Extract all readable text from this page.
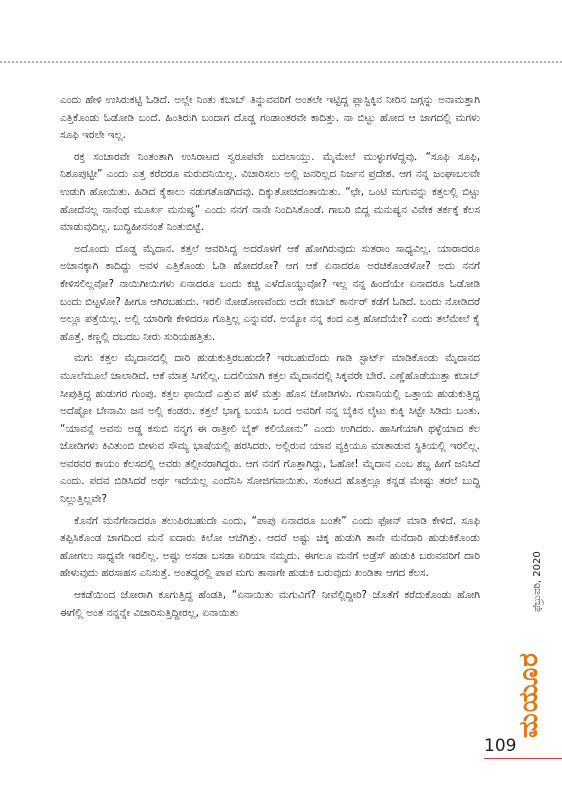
ಎಂದು ಹೇಳಿ ಉಸಿರುಕಟ್ಟಿ ಓಡಿದೆ. ಅಲ್ಲೇ ನಿಂತು ಕಬಾಬ್ ತಿನ್ನುವವರಿಗೆ ಅಂತಲೇ ಇಟ್ಟಿದ್ದ ಪ್ಲಾಸ್ಟಿಕ್ಕಿನ ನೀರಿನ ಜಗ್ಗನ್ನು ಅನಾಮತ್ತಾಗಿ ಎತ್ತಿಕೊಂಡು ಓಡೋಡಿ ಬಂದೆ. ಹಿಂತಿರುಗಿ ಬಂದಾಗ ದೊಡ್ಡ ಗಂಡಾಂತರವೇ ಕಾದಿತ್ತು. ನಾ ಬಿಟ್ಟು ಹೋದ ಆ ಜಾಗದಲ್ಲಿ ಮಗಳು ಸೂಫಿ ಇರಲೇ ಇಲ್ಲ.

ರಕ್ತ ಸಂಚಾರವೇ ನಿಂತಂತಾಗಿ ಉಸಿರಾಟದ ಸ್ವರೂಪವೇ ಬದಲಾಯ್ತು. ಮೈಮೇಲೆ ಮುಳ್ಳುಗಳೆದ್ದವು. “ಸೂಫಿ ಸೂಫಿ, ನಿಶೂಪುಟ್ಟೀ” ಎಂದು ಎತ್ತ ಕರೆದರೂ ಮರುದನಿಯಿಲ್ಲ. ವಿಚಾರಿಸಲು ಅಲ್ಲಿ ಜನರಿಲ್ಲದ ನಿರ್ಜನ ಪ್ರದೇಶ. ಆಗ ನನ್ನ ಜಂಘಾಬಲವೇ ಉಡುಗಿ ಹೋಯಿತು. ಹಿಡಿದ ಕೈಕಾಲು ನಡುಗತೊಡಗಿದವು. ದಿಕ್ಕುತೋಚದಂತಾಯಿತು. “ಛೇ, ಒಂಟಿ ಮಗುವನ್ನು ಕತ್ತಲಲ್ಲಿ ಬಿಟ್ಟು ಹೋದೆನಲ್ಲ ನಾನೆಂಥ ಮೂರ್ಖ ಮನುಷ್ಯ” ಎಂದು ನನಗೆ ನಾನೇ ನಿಂದಿಸಿಕೊಂಡೆ. ಗಾಬರಿ ಬಿದ್ದ ಮನುಷ್ಯನ ವಿವೇಕ ತರ್ಕಕ್ಕೆ ಕೆಲಸ ಮಾಡುವುದಿಲ್ಲ. ಬುದ್ಧಿಹೀನನಂತೆ ನಿಂತುಬಿಟ್ಟೆ.

ಅದೊಂದು ದೊಡ್ಡ ಮೈದಾನ. ಕತ್ತಲೆ ಆವರಿಸಿದ್ದ ಅದರೊಳಗೆ ಆಕೆ ಹೋಗಿರುವುದು ಸುತರಾಂ ಸಾಧ್ಯವಿಲ್ಲ. ಯಾರಾದರೂ ಅಚಾನಕ್ಕಾಗಿ ಕಾದಿದ್ದು ಅವಳ ಎತ್ತಿಕೊಂಡು ಓಡಿ ಹೋದರೋ? ಆಗ ಆಕೆ ಏನಾದರೂ ಅರಚಿಕೊಂಡಳೋ? ಅದು ನನಗೆ ಕೇಳಿಸಲಿಲ್ಲವೋ? ನಾಯಿಗೀಯಿಗಳು ಏನಾದರೂ ಬಂದು ಕಚ್ಚಿ ಎಳೆದೊಯ್ದುವೋ? ಇಲ್ಲ ನನ್ನ ಹಿಂದೆಯೇ ಏನಾದರೂ ಓಡೋಡಿ ಬಂದು ಬಿಟ್ಟಳೋ? ಹೀಗೂ ಆಗಿರಬಹುದು. ಇರಲಿ ನೋಡೋಣವೆಂದು ಅದೇ ಕಬಾಬ್ ಕಾರ್ನರ್ ಕಡೆಗೆ ಓಡಿದೆ. ಬಂದು ನೋಡಿದರೆ ಅಲ್ಲೂ ಪತ್ತೆಯಿಲ್ಲ. ಅಲ್ಲಿ ಯಾರಿಗೇ ಕೇಳಿದರೂ ಗೊತ್ತಿಲ್ಲ ಎನ್ನುವರೆ. ಅಯ್ಯೋ ನನ್ನ ಕಂದ ಎತ್ತ ಹೋದೆಯೇ? ಎಂದು ತಲೆಮೇಲೆ ಕೈ ಹೊತ್ತೆ. ಕಣ್ಣಲ್ಲಿ ದಬದಬ ನೀರು ಸುರಿಯಹತ್ತಿತು.

ಮಗು ಕತ್ತಲ ಮೈದಾನದಲ್ಲಿ ದಾರಿ ಹುಡುಕುತ್ತಿರಬಹುದೇ? ಇರಬಹುದೆಂದು ಗಾಡಿ ಸ್ಟಾರ್ಟ್ ಮಾಡಿಕೊಂಡು ಮೈದಾನದ ಮೂಲೆಮೂಲೆ ಜಾಲಾಡಿದೆ. ಆಕೆ ಮಾತ್ರ ಸಿಗಲಿಲ್ಲ. ಬದಲಿಯಾಗಿ ಕತ್ತಲ ಮೈದಾನದಲ್ಲಿ ಸಿಕ್ಕವರೇ ಬೇರೆ. ಎಣ್ಣೆಹೊಡೆಯುತ್ತಾ ಕಬಾಬ್ ಸೀಪುತ್ತಿದ್ದ ಹುಡುಗರ ಗುಂಪು. ಕತ್ತಲ ಫಾಯಿದೆ ಎತ್ತುವ ಹಳೆ ಮತ್ತು ಹೊಸ ಜೋಡಿಗಳು. ಗುವಾನಿಯಲ್ಲಿ ಒತ್ತಾಯ ಹುಡುಕುತ್ತಿದ್ದ ಅದೆಷ್ಟೋ ಬೇನಾಮಿ ಜನ ಅಲ್ಲಿ ಕಂಡರು. ಕತ್ತಲೆ ಭಾಗ್ಯ ಬಯಸಿ ಬಂದ ಅವರಿಗೆ ನನ್ನ ಬೈಕಿನ ಲೈಟು ಕುಕ್ಕಿ ಸಿಟ್ಟೇ ಸಿಡಿದು ಬಂತು. “ಯಾವನ್ಲೆ ಅವನು ಅಡ್ಡ ಕಸುಬಿ ನನ್ಮಗ ಈ ರಾತ್ರೀಲಿ ಬೈಕ್ ಕಲಿಯೋನು” ಎಂದು ಉಗಿದರು. ಹಾಸಿಗೆಯಾಗಿ ಥಳ್ಳೆಯಾದ ಕೆಲ ಜೋಡಿಗಳು ಕಿವಿತುಂಬಿ ಬೀಳುವ ಸೌಮ್ಯ ಭಾಷೆಯಲ್ಲಿ ಹರಸಿದರು. ಅಲ್ಲಿರುವ ಯಾವ ವ್ಯಕ್ತಿಯೂ ಮಾತಾಡುವ ಸ್ಥಿತಿಯಲ್ಲಿ ಇರಲಿಲ್ಲ. ಅವರವರ ಕಾಯಂ ಕೆಲಸದಲ್ಲಿ ಅವರು ತಲ್ಲೀನರಾಗಿದ್ದರು. ಆಗ ನನಗೆ ಗೊತ್ತಾಗಿದ್ದು, ಓಹೋ! ಮೈದಾನ ಎಂಬ ಶಬ್ದ ಹೀಗೆ ಜನಿಸಿದೆ ಎಂದು. ಪದವ ಬಿಡಿಸಿದರೆ ಅರ್ಥ ಇದೆಯಲ್ಲ ಎಂದೆನಿಸಿ ಸೋಜಿಗವಾಯಿತು. ಸಂಕಟದ ಹೊತ್ತಲ್ಲೂ ಕನ್ನಡ ಮೇಷ್ಟು ತರಲೆ ಬುದ್ಧಿ ನಿಲ್ಲುತ್ತಿಲ್ಲವೇ?

ಕೊನೆಗೆ ಮನೆಗೇನಾದರೂ ತಲುಪಿರಬಹುದೇ ಎಂದು, “ಪಾಪು ಏನಾದರೂ ಬಂತೇ” ಎಂದು ಫೋನ್ ಮಾಡಿ ಕೇಳಿದೆ. ಸೂಫಿ ತಪ್ಪಿಸಿಕೊಂಡ ಜಾಗದಿಂದ ಮನೆ ಐದಾರು ಕಿಲೋ ಆಚೆಗಿತ್ತು. ಆದರೆ ಅಷ್ಟು ಚಿಕ್ಕ ಹುಡುಗಿ ತಾನೇ ಮನೆದಾರಿ ಹುಡುಕಿಕೊಂಡು ಹೋಗಲು ಸಾಧ್ಯವೇ ಇರಲಿಲ್ಲ. ಅಷ್ಟು ಅಸಡಾ ಬಸಡಾ ಏರಿಯಾ ನಮ್ಮದು. ಈಗಲೂ ಮನೆಗೆ ಅಡ್ರೆಸ್ ಹುಡುಕಿ ಬರುವವರಿಗೆ ದಾರಿ ಹೇಳುವುದು ಹರಸಾಹಸ ಎನಿಸುತ್ತೆ. ಅಂತದ್ದರಲ್ಲಿ ಪಾಪ ಮಗು ತಾನಾಗೇ ಹುಡುಕಿ ಬರುವುದು ಖಂಡಿತಾ ಆಗದ ಕೆಲಸ.

ಆಕಡೆಯಿಂದ ಜೋರಾಗಿ ಕೂಗುತ್ತಿದ್ದ ಹೆಂಡತಿ, “ಏನಾಯಿತು ಮಗುವಿಗೆ? ನೀವೆಲ್ಲಿದ್ದೀರಿ? ಜೊತೆಗೆ ಕರೆದುಕೊಂಡು ಹೋಗಿ ಈಗೆಲ್ಲಿ ಅಂತ ನನ್ನನ್ನೇ ವಿಚಾರಿಸುತ್ತಿದ್ದೀರಲ್ಲ, ಏನಾಯಿತು

ಫೆಬ್ರುವರಿ, 2020
ಮಯೂರ
109
